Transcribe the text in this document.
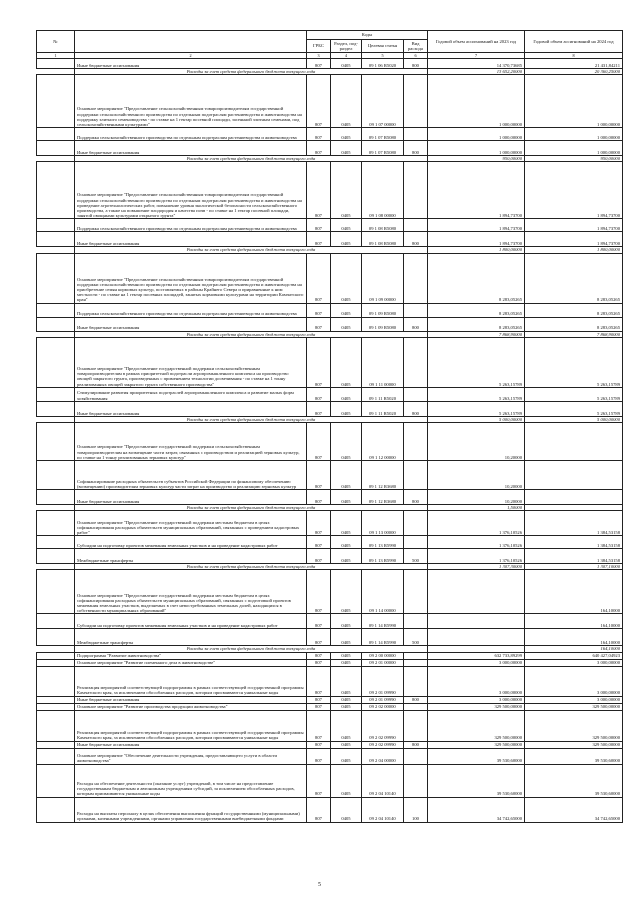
№		Коды				Годовой объем ассигнований на 2023 год	Годовой объем ассигнований на 2024 год
		ГРБС	Раздел, под-раздел	Целевая статья	Вид расхода		
1	2	3	4	5	6	7	8
	Иные бюджетные ассигнования	807	0405	09 1 06 R5020	800	14 370,73685	21 431,84211
	Расходы за счет средств федерального бюджета текущего года					13 652,20000	20 360,25000
	Основное мероприятие "Предоставление сельскохозяйственным товаропроизводителям государственной поддержки сельскохозяйственного производства по отдельным подотраслям растениеводства и животноводства на поддержку элитного семеноводства - по ставке на 1 гектар посевной площади, засеянной элитным семенами, под сельскохозяйственными культурами"	807	0405	09 1 07 00000		1 000,00000	1 000,00000
	Поддержка сельскохозяйственного производства по отдельным подотраслям растениеводства и животноводства	807	0405	09 1 07 R5080		1 000,00000	1 000,00000
	Иные бюджетные ассигнования	807	0405	09 1 07 R5080	800	1 000,00000	1 000,00000
	Расходы за счет средств федерального бюджета текущего года					950,00000	950,00000
	Основное мероприятие "Предоставление сельскохозяйственным товаропроизводителям государственной поддержки сельскохозяйственного производства по отдельным подотраслям растениеводства и животноводства на проведение агротехнологических работ, повышение уровня экологической безопасности сельскохозяйственного производства, а также на повышение плодородия и качества почв - по ставке на 1 гектар посевной площади, занятой овощными культурами открытого грунта"	807	0405	09 1 08 00000		1 894,73700	1 894,73700
	Поддержка сельскохозяйственного производства по отдельным подотраслям растениеводства и животноводства	807	0405	09 1 08 R5080		1 894,73700	1 894,73700
	Иные бюджетные ассигнования	807	0405	09 1 08 R5080	800	1 894,73700	1 894,73700
	Расходы за счет средств федерального бюджета текущего года					1 800,00000	1 800,00000
	Основное мероприятие "Предоставление сельскохозяйственным товаропроизводителям государственной поддержки сельскохозяйственного производства по отдельным подотраслям растениеводства и животноводства на приобретение семян кормовых культур, поставляемых в районы Крайнего Севера и приравненные к ним местности - по ставке на 1 гектар посевных площадей, занятых кормовыми культурами на территории Камчатского края"	807	0405	09 1 09 00000		8 283,05265	8 283,05265
	Поддержка сельскохозяйственного производства по отдельным подотраслям растениеводства и животноводства	807	0405	09 1 09 R5080		8 283,05265	8 283,05265
	Иные бюджетные ассигнования	807	0405	09 1 09 R5080	800	8 283,05265	8 283,05265
	Расходы за счет средств федерального бюджета текущего года					7 868,90000	7 868,90000
	Основное мероприятие "Предоставление государственной поддержки сельскохозяйственным товаропроизводителям в рамках приоритетной подотрасли агропромышленного комплекса на производство овощей закрытого грунта, произведенных с применением технологии досвечивания - по ставке на 1 тонну реализованных овощей закрытого грунта собственного производства"	807	0405	09 1 11 00000		5 263,15789	5 263,15789
	Стимулирование развития приоритетных подотраслей агропромышленного комплекса и развитие малых форм хозяйствования	807	0405	09 1 11 R5020		5 263,15789	5 263,15789
	Иные бюджетные ассигнования	807	0405	09 1 11 R5020	800	5 263,15789	5 263,15789
	Расходы за счет средств федерального бюджета текущего года					5 000,00000	5 000,00000
	Основное мероприятие "Предоставление государственной поддержки сельскохозяйственным товаропроизводителям на возмещение части затрат, связанных с производством и реализацией зерновых культур, по ставке на 1 тонну реализованных зерновых культур"	807	0405	09 1 12 00000		10,20000	
	Софинансирование расходных обязательств субъектов Российской Федерации по финансовому обеспечению (возмещению) производителям зерновых культур части затрат на производство и реализацию зерновых культур	807	0405	09 1 12 R3680		10,20000	
	Иные бюджетные ассигнования	807	0405	09 1 12 R3680	800	10,20000	
	Расходы за счет средств федерального бюджета текущего года					1,50000	
	Основное мероприятие "Предоставление государственной поддержки местным бюджетам в целях софинансирования расходных обязательств муниципальных образований, связанных с проведением кадастровых работ"	807	0405	09 1 13 00000		1 376,10526	1 384,53158
	Субсидии на подготовку проектов межевания земельных участков и на проведение кадастровых работ	807	0405	09 1 13 R5990		1 376,10526	1 384,53158
	Межбюджетные трансферты	807	0405	09 1 13 R5990	500	1 376,10526	1 384,53158
	Расходы за счет средств федерального бюджета текущего года					1 307,30000	1 307,10000
	Основное мероприятие "Предоставление государственной поддержки местным бюджетам в целях софинансирования расходных обязательств муниципальных образований, связанных с подготовкой проектов межевания земельных участков, выделяемых в счет невостребованных земельных долей, находящихся в собственности муниципальных образований"	807	0405	09 1 14 00000			164,10000
	Субсидии на подготовку проектов межевания земельных участков и на проведение кадастровых работ	807	0405	09 1 14 R5990			164,10000
	Межбюджетные трансферты	807	0405	09 1 14 R5990	500		164,10000
	Расходы за счет средств федерального бюджета текущего года						164,10000
	Подпрограмма "Развитие животноводства"	807	0405	09 2 00 00000		632 733,89299	640 427,04923
	Основное мероприятие "Развитие племенного дела в животноводстве"	807	0405	09 2 01 00000		3 000,00000	3 000,00000
	Реализация мероприятий соответствующей подпрограммы в рамках соответствующей государственной программы Камчатского края, за исключением обособленных расходов, которым присваиваются уникальные коды	807	0405	09 2 01 09990		3 000,00000	3 000,00000
	Иные бюджетные ассигнования	807	0405	09 2 01 09990	800	3 000,00000	3 000,00000
	Основное мероприятие "Развитие производства продукции животноводства"	807	0405	09 2 02 00000		329 500,00000	329 500,00000
	Реализация мероприятий соответствующей подпрограммы в рамках соответствующей государственной программы Камчатского края, за исключением обособленных расходов, которым присваиваются уникальные коды	807	0405	09 2 02 09990		329 500,00000	329 500,00000
	Иные бюджетные ассигнования	807	0405	09 2 02 09990	800	329 500,00000	329 500,00000
	Основное мероприятие "Обеспечение деятельности учреждения, предоставляющего услуги в области животноводства"	807	0405	09 2 04 00000		39 530,60000	39 530,60000
	Расходы на обеспечение деятельности (оказание услуг) учреждений, в том числе на предоставление государственным бюджетным и автономным учреждениям субсидий, за исключением обособленных расходов, которым присваиваются уникальные коды	807	0405	09 2 04 10140		39 530,60000	39 530,60000
	Расходы на выплаты персоналу в целях обеспечения выполнения функций государственными (муниципальными) органами, казенными учреждениями, органами управления государственными внебюджетными фондами	807	0405	09 2 04 10140	100	34 742,65000	34 742,65000
5
